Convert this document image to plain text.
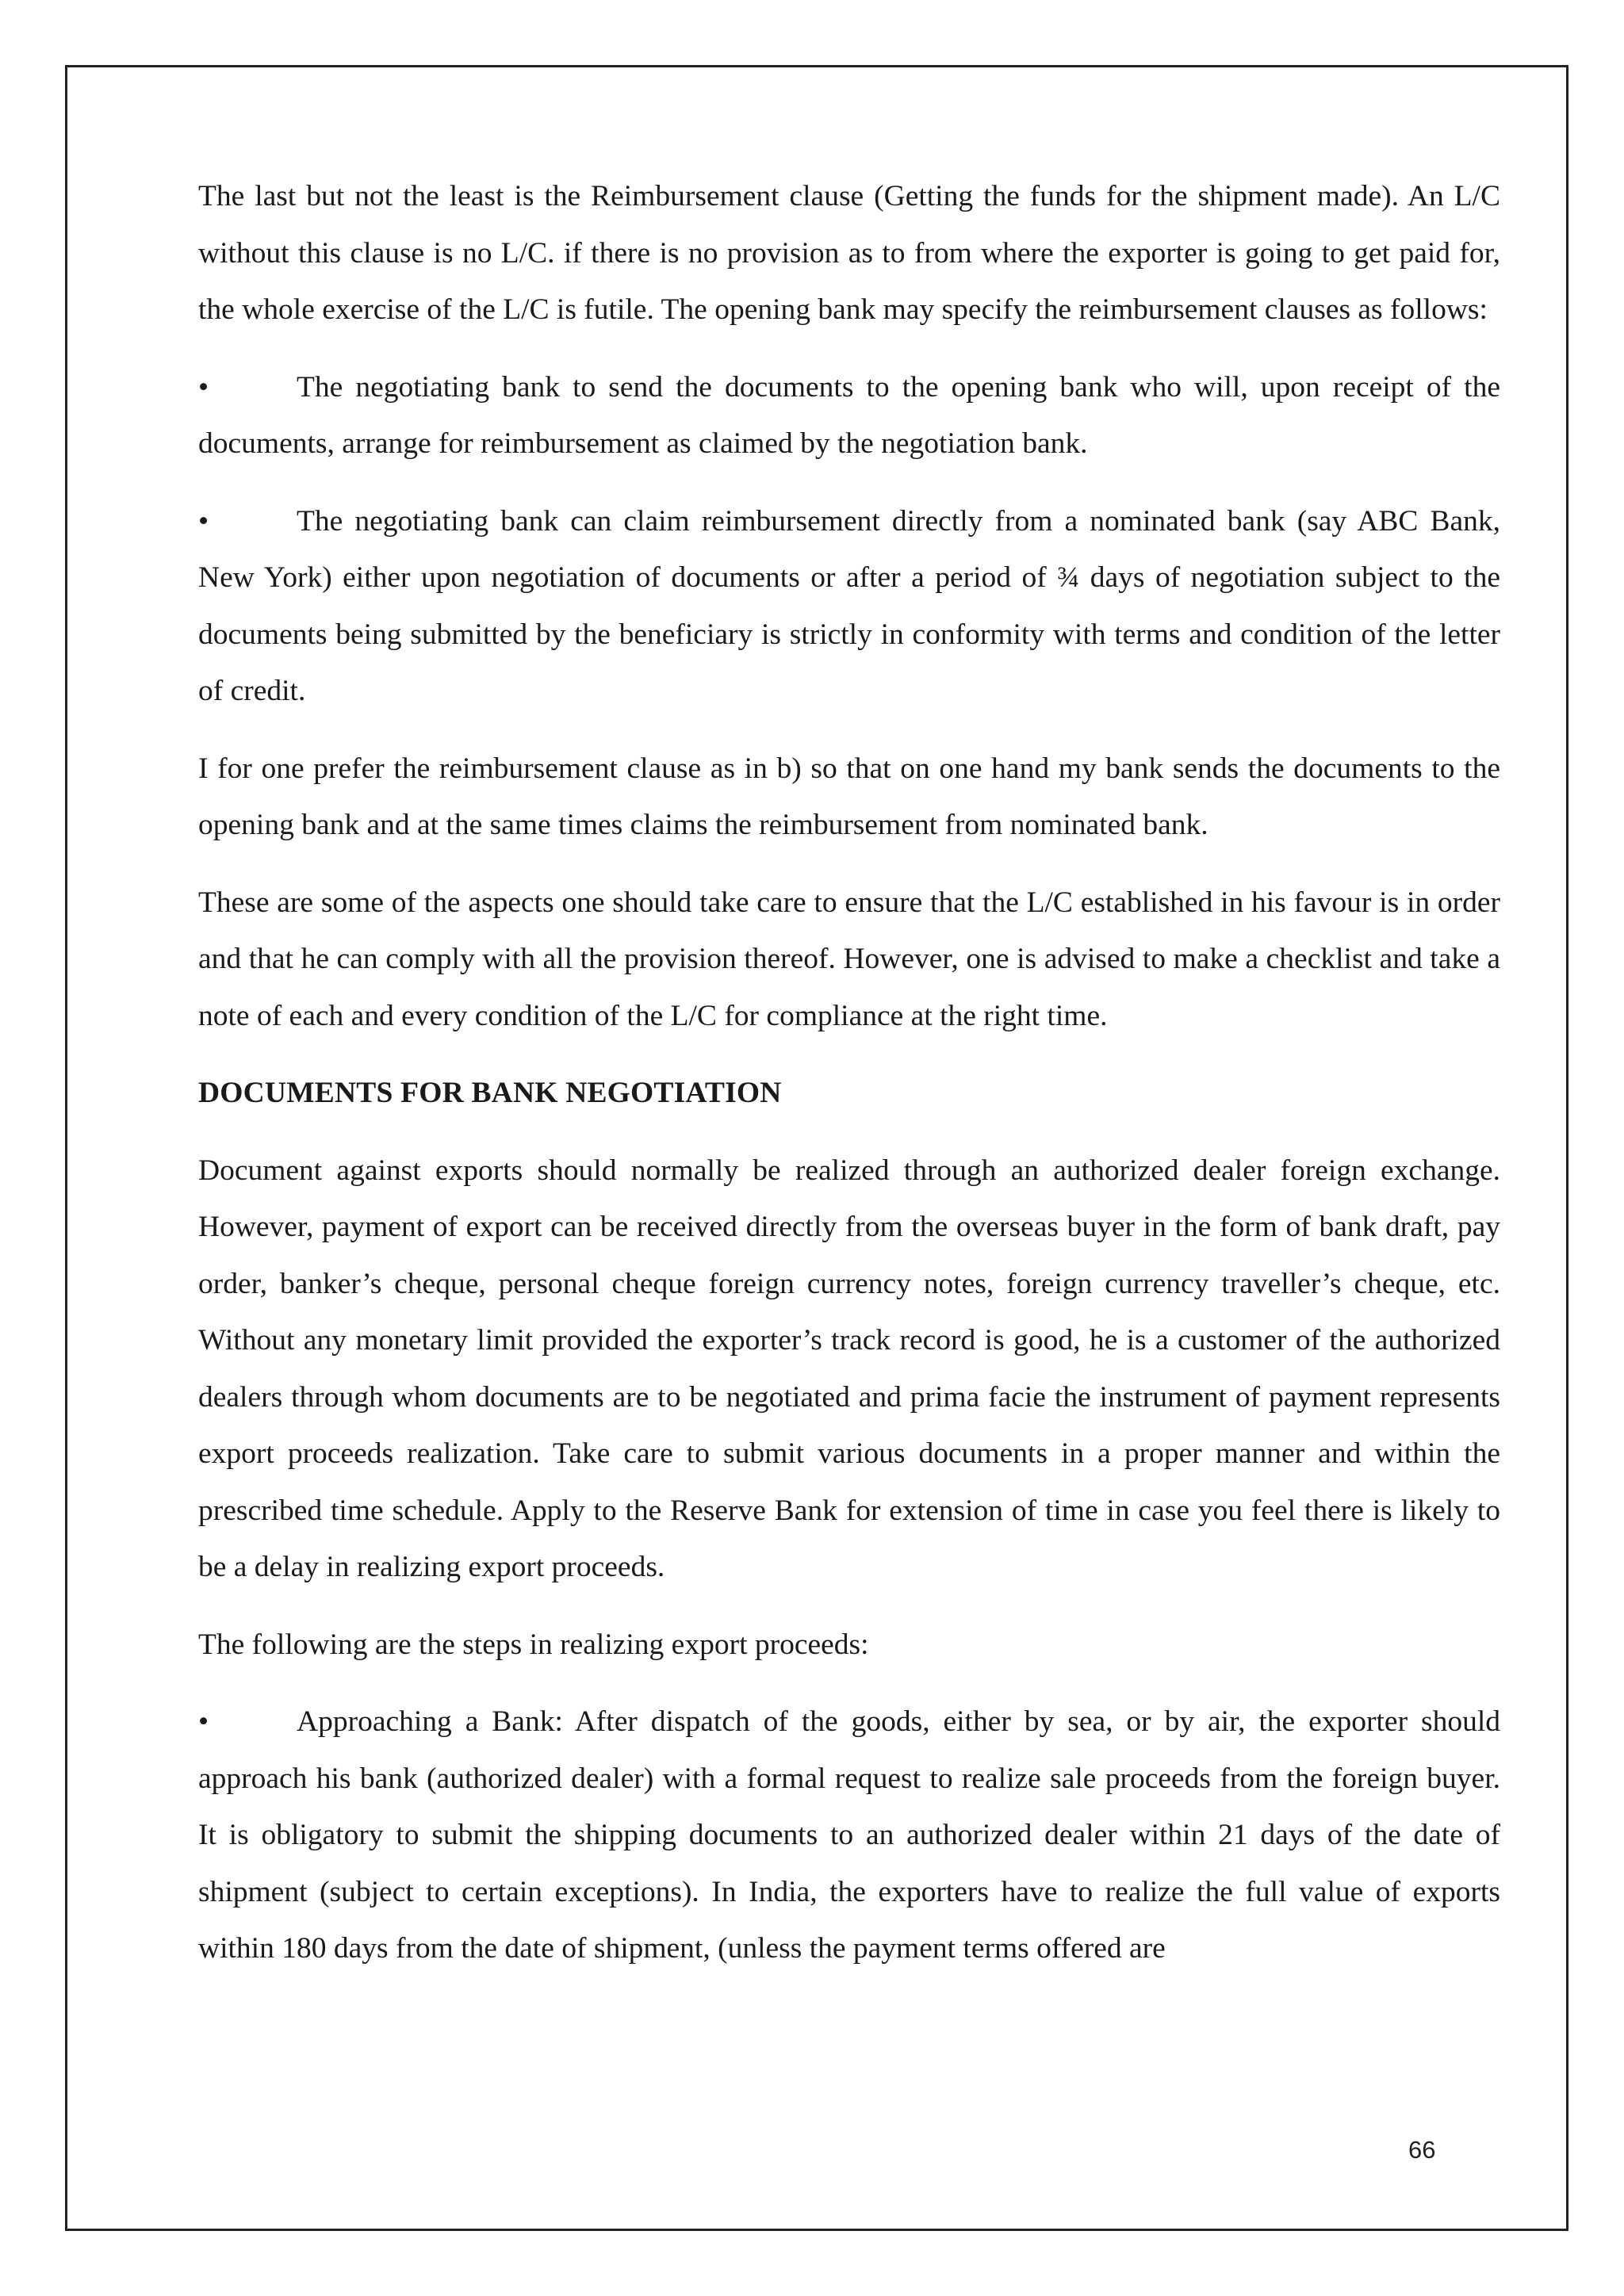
The last but not the least is the Reimbursement clause (Getting the funds for the shipment made). An L/C without this clause is no L/C. if there is no provision as to from where the exporter is going to get paid for, the whole exercise of the L/C is futile. The opening bank may specify the reimbursement clauses as follows:

•	The negotiating bank to send the documents to the opening bank who will, upon receipt of the documents, arrange for reimbursement as claimed by the negotiation bank.

•	The negotiating bank can claim reimbursement directly from a nominated bank (say ABC Bank, New York) either upon negotiation of documents or after a period of ¾ days of negotiation subject to the documents being submitted by the beneficiary is strictly in conformity with terms and condition of the letter of credit.

I for one prefer the reimbursement clause as in b) so that on one hand my bank sends the documents to the opening bank and at the same times claims the reimbursement from nominated bank.

These are some of the aspects one should take care to ensure that the L/C established in his favour is in order and that he can comply with all the provision thereof. However, one is advised to make a checklist and take a note of each and every condition of the L/C for compliance at the right time.

DOCUMENTS FOR BANK NEGOTIATION

Document against exports should normally be realized through an authorized dealer foreign exchange. However, payment of export can be received directly from the overseas buyer in the form of bank draft, pay order, banker’s cheque, personal cheque foreign currency notes, foreign currency traveller’s cheque, etc. Without any monetary limit provided the exporter’s track record is good, he is a customer of the authorized dealers through whom documents are to be negotiated and prima facie the instrument of payment represents export proceeds realization. Take care to submit various documents in a proper manner and within the prescribed time schedule. Apply to the Reserve Bank for extension of time in case you feel there is likely to be a delay in realizing export proceeds.

The following are the steps in realizing export proceeds:

•	Approaching a Bank: After dispatch of the goods, either by sea, or by air, the exporter should approach his bank (authorized dealer) with a formal request to realize sale proceeds from the foreign buyer. It is obligatory to submit the shipping documents to an authorized dealer within 21 days of the date of shipment (subject to certain exceptions). In India, the exporters have to realize the full value of exports within 180 days from the date of shipment, (unless the payment terms offered are

66
